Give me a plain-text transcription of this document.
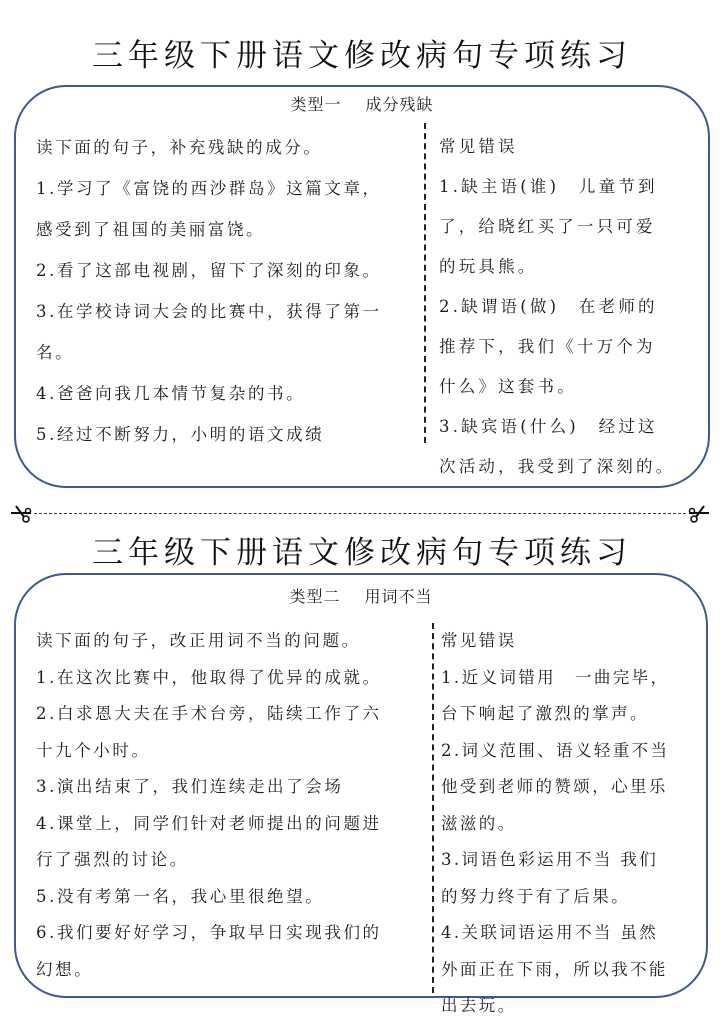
三年级下册语文修改病句专项练习
类型一 成分残缺
读下面的句子，补充残缺的成分。
1.学习了《富饶的西沙群岛》这篇文章，
感受到了祖国的美丽富饶。
2.看了这部电视剧，留下了深刻的印象。
3.在学校诗词大会的比赛中，获得了第一
名。
4.爸爸向我几本情节复杂的书。
5.经过不断努力，小明的语文成绩
常见错误
1.缺主语(谁)　儿童节到
了，给晓红买了一只可爱
的玩具熊。
2.缺谓语(做)　在老师的
推荐下，我们《十万个为
什么》这套书。
3.缺宾语(什么)　经过这
次活动，我受到了深刻的。
三年级下册语文修改病句专项练习
类型二 用词不当
读下面的句子，改正用词不当的问题。
1.在这次比赛中，他取得了优异的成就。
2.白求恩大夫在手术台旁，陆续工作了六
十九个小时。
3.演出结束了，我们连续走出了会场
4.课堂上，同学们针对老师提出的问题进
行了强烈的讨论。
5.没有考第一名，我心里很绝望。
6.我们要好好学习，争取早日实现我们的
幻想。
常见错误
1.近义词错用　一曲完毕，
台下响起了激烈的掌声。
2.词义范围、语义轻重不当
他受到老师的赞颂，心里乐
滋滋的。
3.词语色彩运用不当 我们
的努力终于有了后果。
4.关联词语运用不当 虽然
外面正在下雨，所以我不能
出去玩。
